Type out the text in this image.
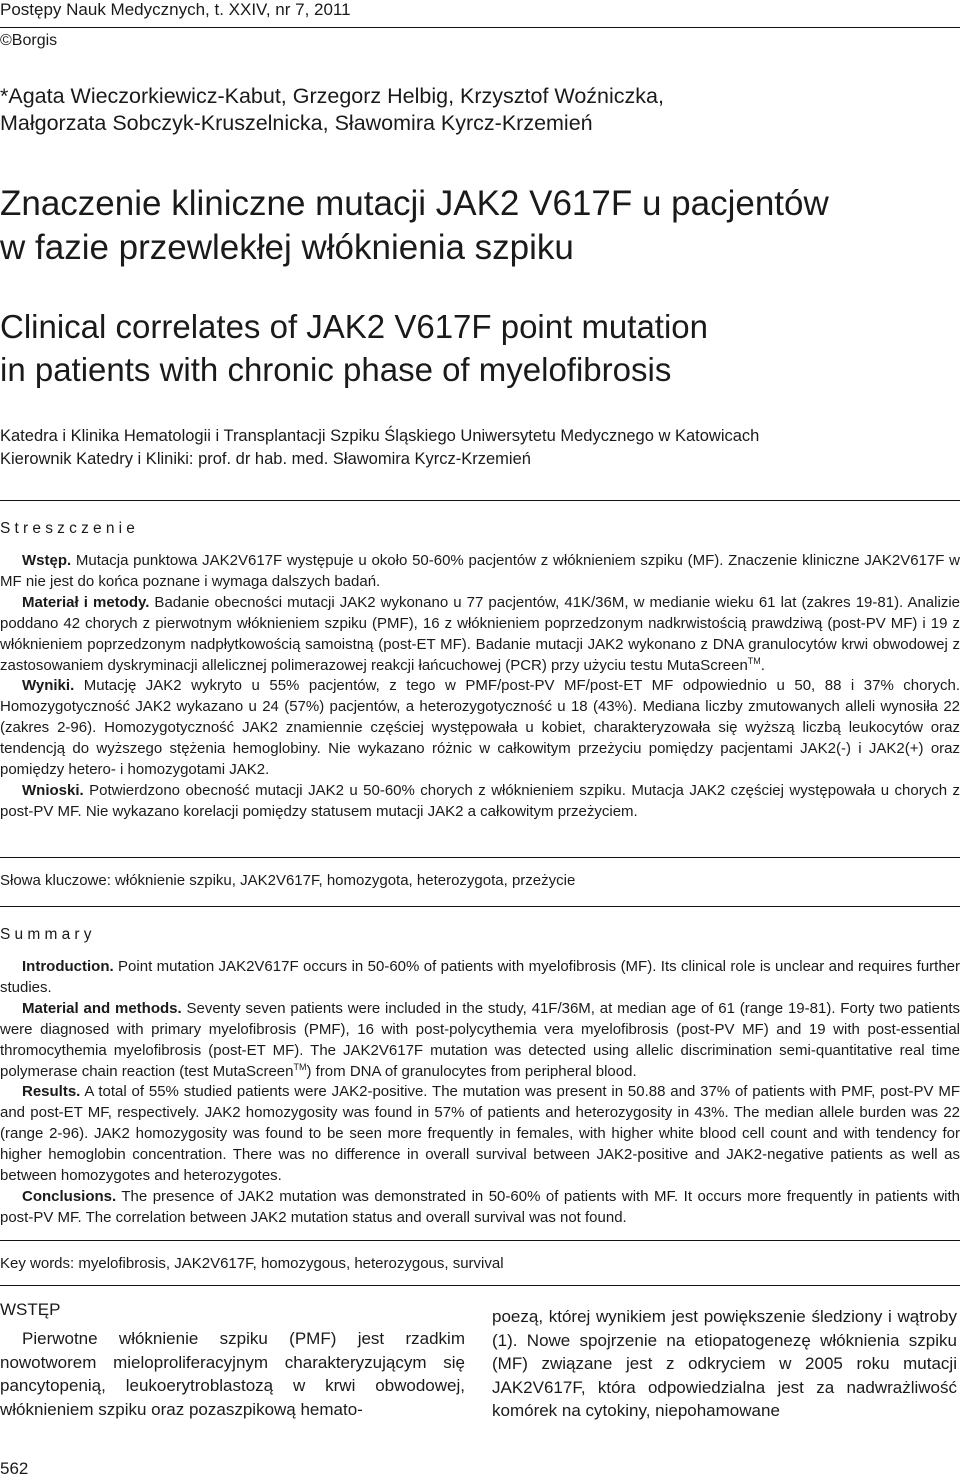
Postępy Nauk Medycznych, t. XXIV, nr 7, 2011
©Borgis
*Agata Wieczorkiewicz-Kabut, Grzegorz Helbig, Krzysztof Woźniczka,
Małgorzata Sobczyk-Kruszelnicka, Sławomira Kyrcz-Krzemień
Znaczenie kliniczne mutacji JAK2 V617F u pacjentów
w fazie przewlekłej włóknienia szpiku
Clinical correlates of JAK2 V617F point mutation
in patients with chronic phase of myelofibrosis
Katedra i Klinika Hematologii i Transplantacji Szpiku Śląskiego Uniwersytetu Medycznego w Katowicach
Kierownik Katedry i Kliniki: prof. dr hab. med. Sławomira Kyrcz-Krzemień
Streszczenie

Wstęp. Mutacja punktowa JAK2V617F występuje u około 50-60% pacjentów z włóknieniem szpiku (MF). Znaczenie kliniczne JAK2V617F w MF nie jest do końca poznane i wymaga dalszych badań.

Materiał i metody. Badanie obecności mutacji JAK2 wykonano u 77 pacjentów, 41K/36M, w medianie wieku 61 lat (zakres 19-81). Analizie poddano 42 chorych z pierwotnym włóknieniem szpiku (PMF), 16 z włóknieniem poprzedzonym nadkrwistością prawdziwą (post-PV MF) i 19 z włóknieniem poprzedzonym nadpłytkowością samoistną (post-ET MF). Badanie mutacji JAK2 wykonano z DNA granulocytów krwi obwodowej z zastosowaniem dyskryminacji allelicznej polimerazowej reakcji łańcuchowej (PCR) przy użyciu testu MutaScreen™.

Wyniki. Mutację JAK2 wykryto u 55% pacjentów, z tego w PMF/post-PV MF/post-ET MF odpowiednio u 50, 88 i 37% chorych. Homozygotyczność JAK2 wykazano u 24 (57%) pacjentów, a heterozygotyczność u 18 (43%). Mediana liczby zmutowanych alleli wynosiła 22 (zakres 2-96). Homozygotyczność JAK2 znamiennie częściej występowała u kobiet, charakteryzowała się wyższą liczbą leukocytów oraz tendencją do wyższego stężenia hemoglobiny. Nie wykazano różnic w całkowitym przeżyciu pomiędzy pacjentami JAK2(-) i JAK2(+) oraz pomiędzy hetero- i homozygotami JAK2.

Wnioski. Potwierdzono obecność mutacji JAK2 u 50-60% chorych z włóknieniem szpiku. Mutacja JAK2 częściej występowała u chorych z post-PV MF. Nie wykazano korelacji pomiędzy statusem mutacji JAK2 a całkowitym przeżyciem.

Słowa kluczowe: włóknienie szpiku, JAK2V617F, homozygota, heterozygota, przeżycie
Summary

Introduction. Point mutation JAK2V617F occurs in 50-60% of patients with myelofibrosis (MF). Its clinical role is unclear and requires further studies.

Material and methods. Seventy seven patients were included in the study, 41F/36M, at median age of 61 (range 19-81). Forty two patients were diagnosed with primary myelofibrosis (PMF), 16 with post-polycythemia vera myelofibrosis (post-PV MF) and 19 with post-essential thromocythemia myelofibrosis (post-ET MF). The JAK2V617F mutation was detected using allelic discrimination semi-quantitative real time polymerase chain reaction (test MutaScreen™) from DNA of granulocytes from peripheral blood.

Results. A total of 55% studied patients were JAK2-positive. The mutation was present in 50.88 and 37% of patients with PMF, post-PV MF and post-ET MF, respectively. JAK2 homozygosity was found in 57% of patients and heterozygosity in 43%. The median allele burden was 22 (range 2-96). JAK2 homozygosity was found to be seen more frequently in females, with higher white blood cell count and with tendency for higher hemoglobin concentration. There was no difference in overall survival between JAK2-positive and JAK2-negative patients as well as between homozygotes and heterozygotes.

Conclusions. The presence of JAK2 mutation was demonstrated in 50-60% of patients with MF. It occurs more frequently in patients with post-PV MF. The correlation between JAK2 mutation status and overall survival was not found.

Key words: myelofibrosis, JAK2V617F, homozygous, heterozygous, survival
WSTĘP

Pierwotne włóknienie szpiku (PMF) jest rzadkim nowotworem mieloproliferacyjnym charakteryzującym się pancytopenią, leukoerytroblastozą w krwi obwodowej, włóknieniem szpiku oraz pozaszpikową hemato-

poezą, której wynikiem jest powiększenie śledziony i wątroby (1). Nowe spojrzenie na etiopatogenezę włóknienia szpiku (MF) związane jest z odkryciem w 2005 roku mutacji JAK2V617F, która odpowiedzialna jest za nadwrażliwość komórek na cytokiny, niepohamowane

562
